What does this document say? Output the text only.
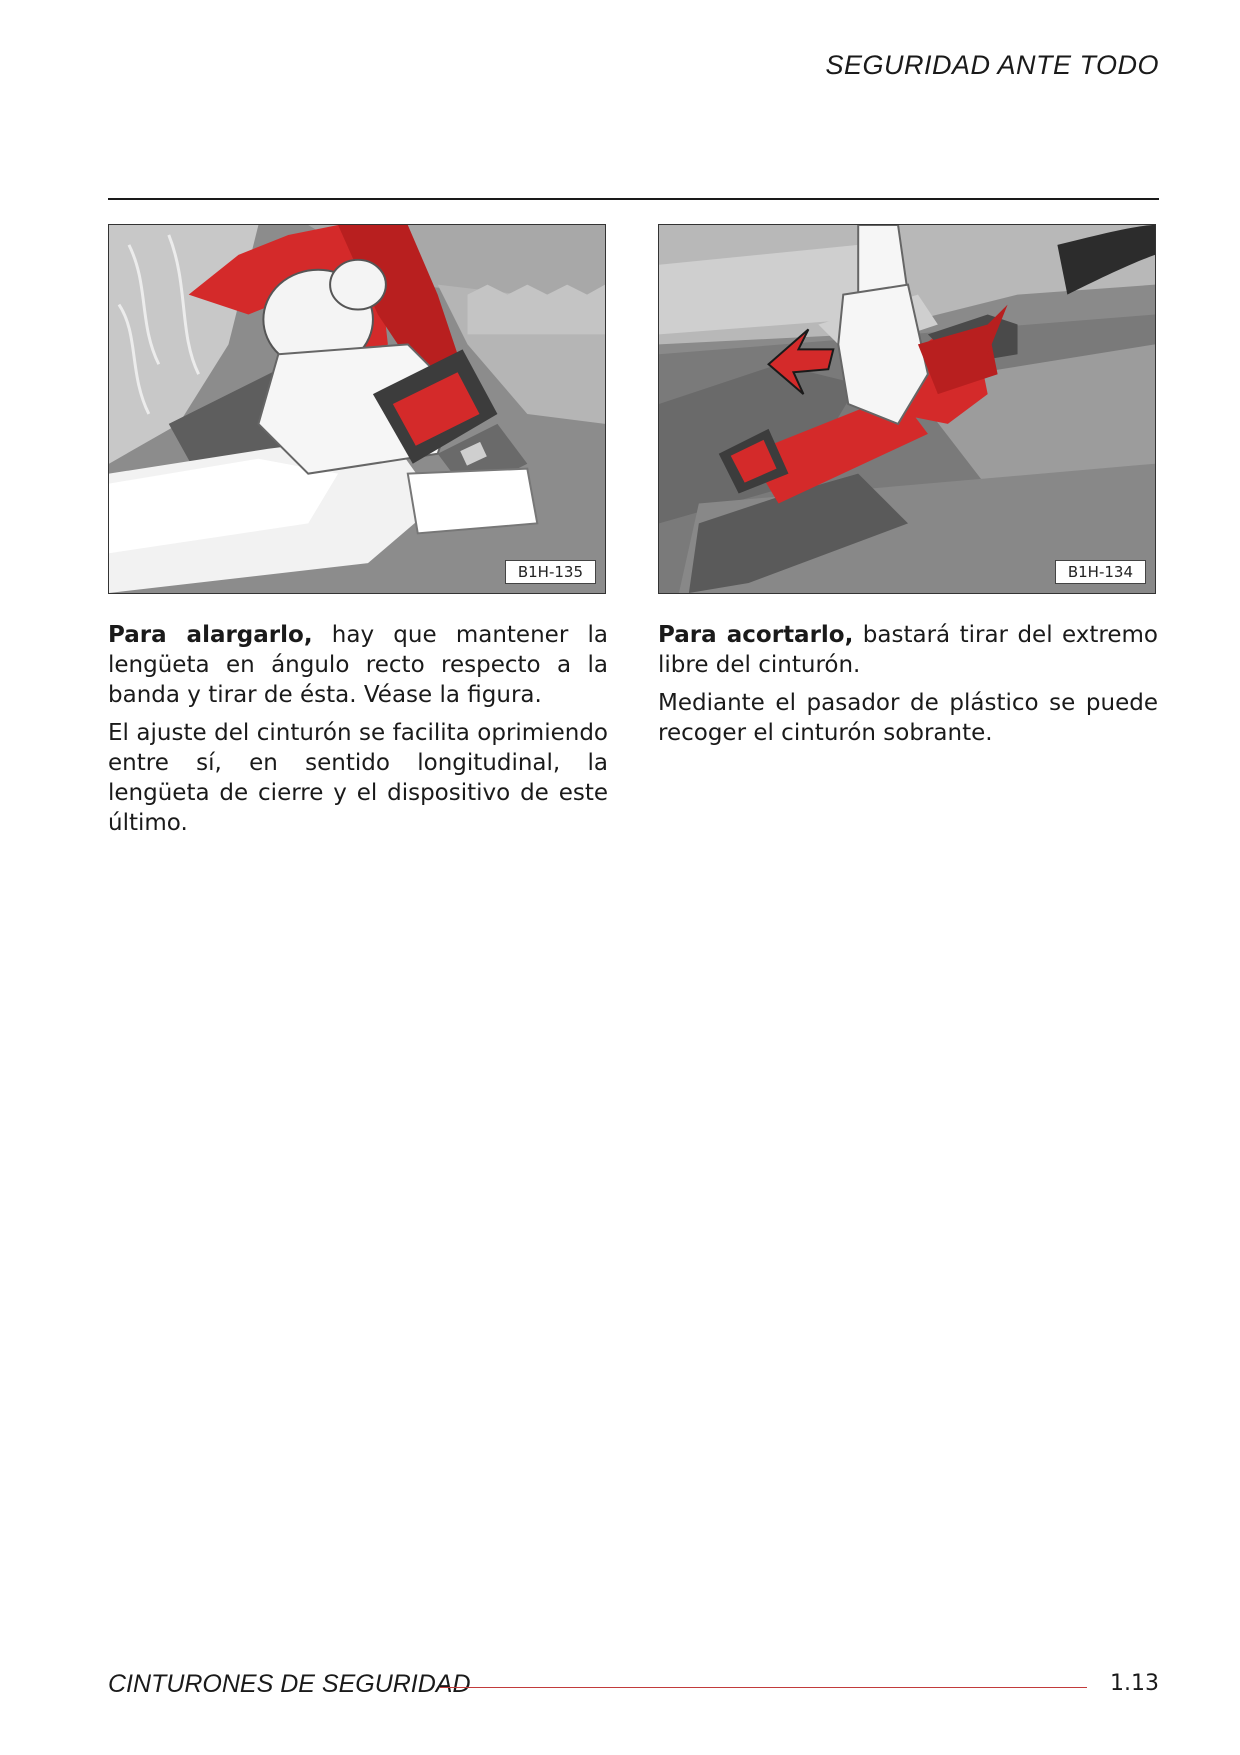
SEGURIDAD ANTE TODO
B1H-135	B1H-134

Para alargarlo, hay que mantener la lengüeta en ángulo recto respecto a la banda y tirar de ésta. Véase la figura.

El ajuste del cinturón se facilita oprimiendo entre sí, en sentido longitudinal, la lengüeta de cierre y el dispositivo de este último.

Para acortarlo, bastará tirar del extremo libre del cinturón.

Mediante el pasador de plástico se puede recoger el cinturón sobrante.

CINTURONES DE SEGURIDAD	1.13
